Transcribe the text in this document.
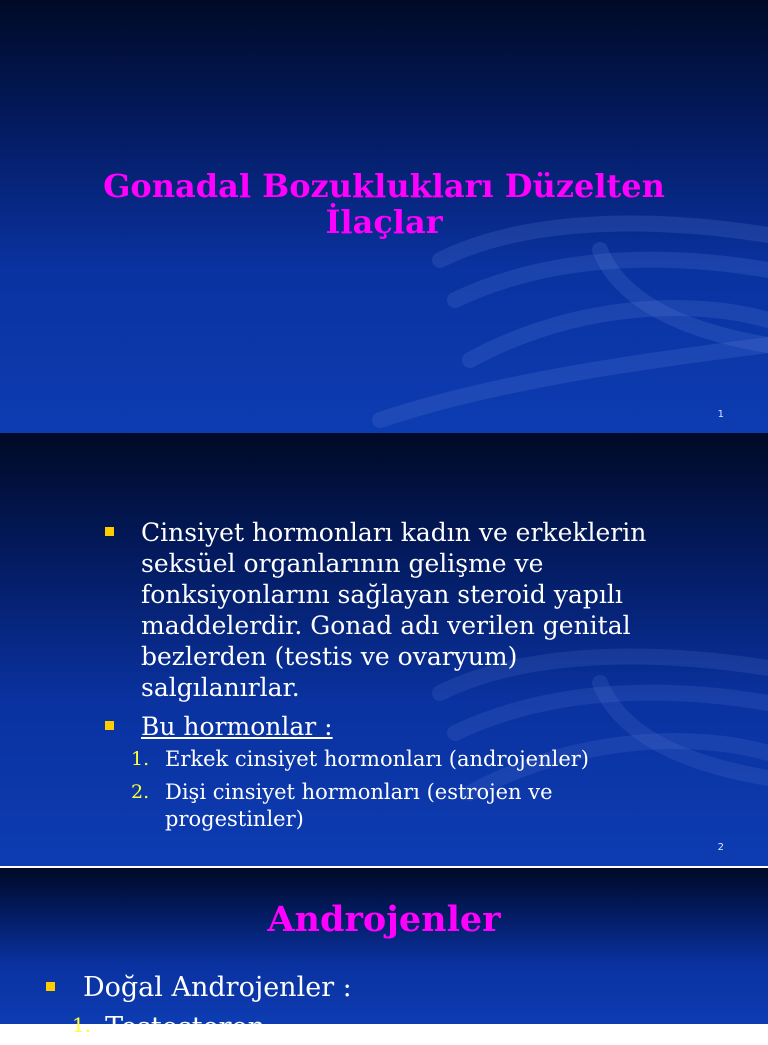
Gonadal Bozuklukları Düzelten
İlaçlar
1
Cinsiyet hormonları kadın ve erkeklerin seksüel organlarının gelişme ve fonksiyonlarını sağlayan steroid yapılı maddelerdir. Gonad adı verilen genital bezlerden (testis ve ovaryum) salgılanırlar.
Bu hormonlar :
1. Erkek cinsiyet hormonları (androjenler)
2. Dişi cinsiyet hormonları (estrojen ve progestinler)
2
Androjenler
Doğal Androjenler :
1. Testosteron
